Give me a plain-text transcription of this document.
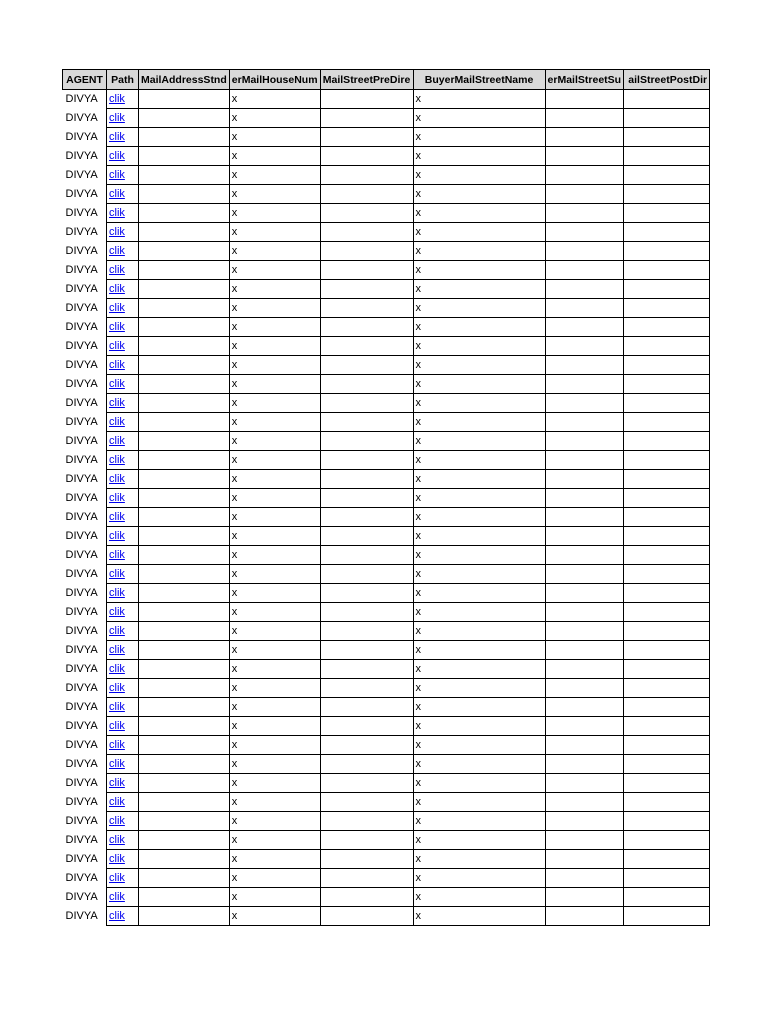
AGENT	Path	MailAddressStnd	erMailHouseNum	MailStreetPreDire	BuyerMailStreetName	erMailStreetSu	ailStreetPostDir
DIVYA	clik		x		x		
DIVYA	clik		x		x		
DIVYA	clik		x		x		
DIVYA	clik		x		x		
DIVYA	clik		x		x		
DIVYA	clik		x		x		
DIVYA	clik		x		x		
DIVYA	clik		x		x		
DIVYA	clik		x		x		
DIVYA	clik		x		x		
DIVYA	clik		x		x		
DIVYA	clik		x		x		
DIVYA	clik		x		x		
DIVYA	clik		x		x		
DIVYA	clik		x		x		
DIVYA	clik		x		x		
DIVYA	clik		x		x		
DIVYA	clik		x		x		
DIVYA	clik		x		x		
DIVYA	clik		x		x		
DIVYA	clik		x		x		
DIVYA	clik		x		x		
DIVYA	clik		x		x		
DIVYA	clik		x		x		
DIVYA	clik		x		x		
DIVYA	clik		x		x		
DIVYA	clik		x		x		
DIVYA	clik		x		x		
DIVYA	clik		x		x		
DIVYA	clik		x		x		
DIVYA	clik		x		x		
DIVYA	clik		x		x		
DIVYA	clik		x		x		
DIVYA	clik		x		x		
DIVYA	clik		x		x		
DIVYA	clik		x		x		
DIVYA	clik		x		x		
DIVYA	clik		x		x		
DIVYA	clik		x		x		
DIVYA	clik		x		x		
DIVYA	clik		x		x		
DIVYA	clik		x		x		
DIVYA	clik		x		x		
DIVYA	clik		x		x		
